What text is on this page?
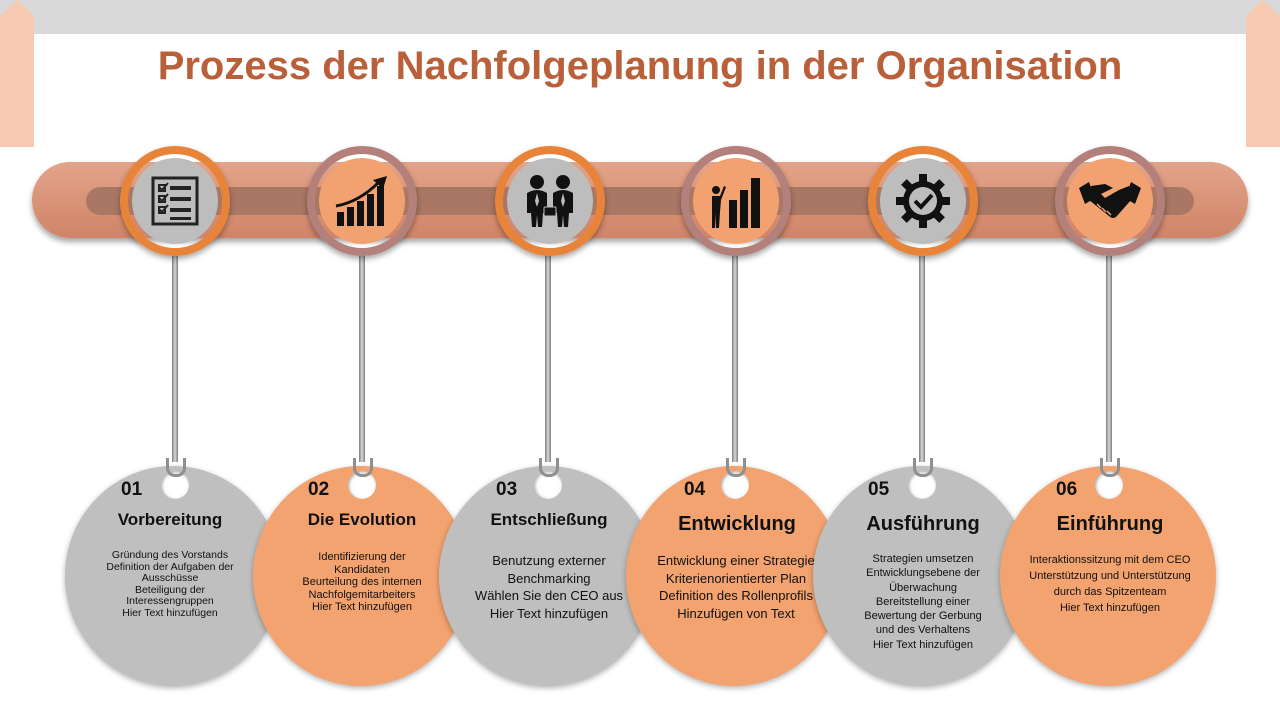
Prozess der Nachfolgeplanung in der Organisation
01
Vorbereitung
Gründung des Vorstands
Definition der Aufgaben der
Ausschüsse
Beteiligung der
Interessengruppen
Hier Text hinzufügen
02
Die Evolution
Identifizierung der
Kandidaten
Beurteilung des internen
Nachfolgemitarbeiters
Hier Text hinzufügen
03
Entschließung
Benutzung externer
Benchmarking
Wählen Sie den CEO aus
Hier Text hinzufügen
04
Entwicklung
Entwicklung einer Strategie
Kriterienorientierter Plan
Definition des Rollenprofils
Hinzufügen von Text
05
Ausführung
Strategien umsetzen
Entwicklungsebene der
Überwachung
Bereitstellung einer
Bewertung der Gerbung
und des Verhaltens
Hier Text hinzufügen
06
Einführung
Interaktionssitzung mit dem CEO
Unterstützung und Unterstützung
durch das Spitzenteam
Hier Text hinzufügen
